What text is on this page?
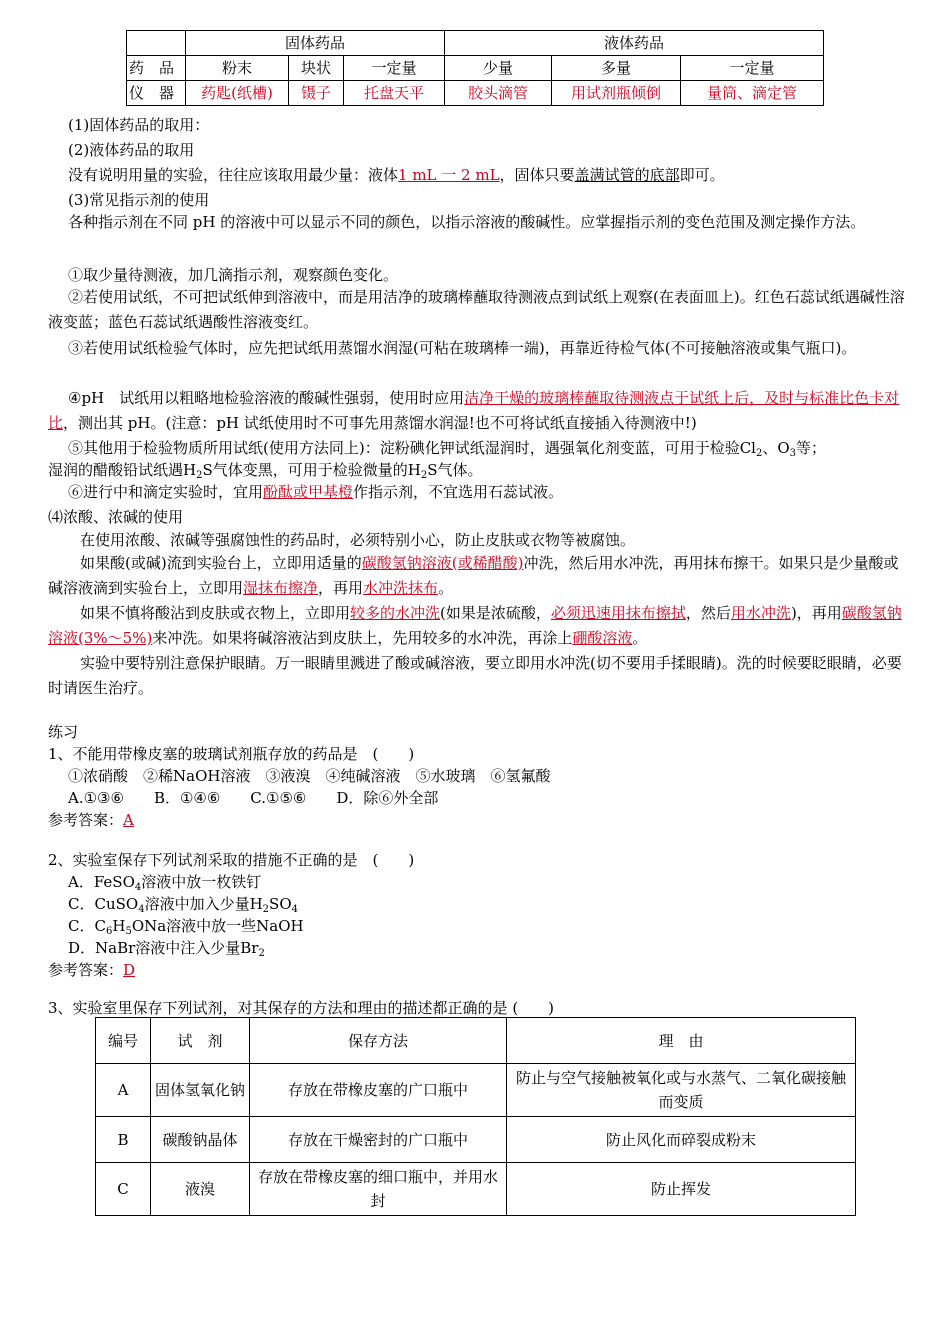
	固体药品			液体药品		
药　品	粉末	块状	一定量	少量	多量	一定量
仪　器	药匙(纸槽)	镊子	托盘天平	胶头滴管	用试剂瓶倾倒	量筒、滴定管
(1)固体药品的取用：
(2)液体药品的取用
没有说明用量的实验，往往应该取用最少量：液体1 mL 一 2 mL，固体只要盖满试管的底部即可。
(3)常见指示剂的使用
各种指示剂在不同 pH 的溶液中可以显示不同的颜色，以指示溶液的酸碱性。应掌握指示剂的变色范围及测定操作方法。
①取少量待测液，加几滴指示剂，观察颜色变化。
②若使用试纸，不可把试纸伸到溶液中，而是用洁净的玻璃棒蘸取待测液点到试纸上观察(在表面皿上)。红色石蕊试纸遇碱性溶液变蓝；蓝色石蕊试纸遇酸性溶液变红。
③若使用试纸检验气体时，应先把试纸用蒸馏水润湿(可粘在玻璃棒一端)，再靠近待检气体(不可接触溶液或集气瓶口)。
④pH　试纸用以粗略地检验溶液的酸碱性强弱，使用时应用洁净干燥的玻璃棒蘸取待测液点于试纸上后，及时与标准比色卡对比，测出其 pH。(注意：pH 试纸使用时不可事先用蒸馏水润湿!也不可将试纸直接插入待测液中!)
⑤其他用于检验物质所用试纸(使用方法同上)：淀粉碘化钾试纸湿润时，遇强氧化剂变蓝，可用于检验$Cl_2$、$O_3$等；
湿润的醋酸铅试纸遇$H_2S$气体变黑，可用于检验微量的$H_2S$气体。
⑥进行中和滴定实验时，宜用酚酞或甲基橙作指示剂，不宜选用石蕊试液。
⑷浓酸、浓碱的使用
在使用浓酸、浓碱等强腐蚀性的药品时，必须特别小心，防止皮肤或衣物等被腐蚀。
如果酸(或碱)流到实验台上，立即用适量的碳酸氢钠溶液(或稀醋酸)冲洗，然后用水冲洗，再用抹布擦干。如果只是少量酸或碱溶液滴到实验台上，立即用湿抹布擦净，再用水冲洗抹布。
如果不慎将酸沾到皮肤或衣物上，立即用较多的水冲洗(如果是浓硫酸，必须迅速用抹布擦拭，然后用水冲洗)，再用碳酸氢钠溶液(3%～5%)来冲洗。如果将碱溶液沾到皮肤上，先用较多的水冲洗，再涂上硼酸溶液。
实验中要特别注意保护眼睛。万一眼睛里溅进了酸或碱溶液，要立即用水冲洗(切不要用手揉眼睛)。洗的时候要眨眼睛，必要时请医生治疗。
练习
1、不能用带橡皮塞的玻璃试剂瓶存放的药品是　(　　)
①浓硝酸　②稀NaOH溶液　③液溴　④纯碱溶液　⑤水玻璃　⑥氢氟酸
A.①③⑥　　B．①④⑥　　C.①⑤⑥　　D．除⑥外全部
参考答案：A
2、实验室保存下列试剂采取的措施不正确的是　(　　)
A．FeSO$_4$溶液中放一枚铁钉
C．CuSO$_4$溶液中加入少量$H_2SO_4$
C．$C_6H_5ONa$溶液中放一些NaOH
D．NaBr溶液中注入少量$Br_2$
参考答案：D
3、实验室里保存下列试剂，对其保存的方法和理由的描述都正确的是 (　　)
编号	试　剂	保存方法	理　由
A	固体氢氧化钠	存放在带橡皮塞的广口瓶中	防止与空气接触被氧化或与水蒸气、二氧化碳接触而变质
B	碳酸钠晶体	存放在干燥密封的广口瓶中	防止风化而碎裂成粉末
C	液溴	存放在带橡皮塞的细口瓶中，并用水封	防止挥发
